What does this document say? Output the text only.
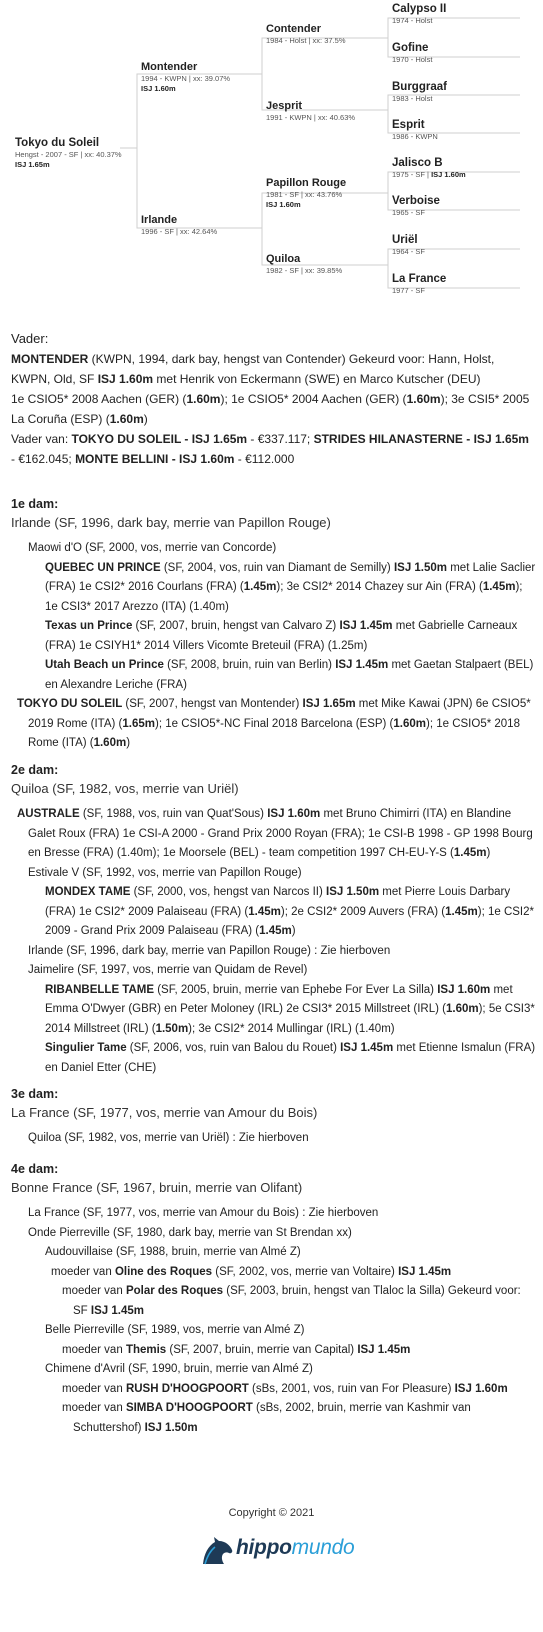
Tokyo du Soleil
Hengst - 2007 - SF | xx: 40.37%
ISJ 1.65m
Montender
1994 - KWPN | xx: 39.07%
ISJ 1.60m
Irlande
1996 - SF | xx: 42.64%
Contender
1984 - Holst | xx: 37.5%
Jesprit
1991 - KWPN | xx: 40.63%
Papillon Rouge
1981 - SF | xx: 43.76%
ISJ 1.60m
Quiloa
1982 - SF | xx: 39.85%
Calypso II
1974 - Holst
Gofine
1970 - Holst
Burggraaf
1983 - Holst
Esprit
1986 - KWPN
Jalisco B
1975 - SF | ISJ 1.60m
Verboise
1965 - SF
Uriël
1964 - SF
La France
1977 - SF

Vader:

MONTENDER (KWPN, 1994, dark bay, hengst van Contender) Gekeurd voor: Hann, Holst, KWPN, Old, SF ISJ 1.60m met Henrik von Eckermann (SWE) en Marco Kutscher (DEU)

1e CSIO5* 2008 Aachen (GER) (1.60m); 1e CSIO5* 2004 Aachen (GER) (1.60m); 3e CSI5* 2005 La Coruña (ESP) (1.60m)

Vader van: TOKYO DU SOLEIL - ISJ 1.65m - €337.117; STRIDES HILANASTERNE - ISJ 1.65m - €162.045; MONTE BELLINI - ISJ 1.60m - €112.000

1e dam:
Irlande (SF, 1996, dark bay, merrie van Papillon Rouge)
Maowi d'O (SF, 2000, vos, merrie van Concorde)
QUEBEC UN PRINCE (SF, 2004, vos, ruin van Diamant de Semilly) ISJ 1.50m met Lalie Saclier (FRA) 1e CSI2* 2016 Courlans (FRA) (1.45m); 3e CSI2* 2014 Chazey sur Ain (FRA) (1.45m); 1e CSI3* 2017 Arezzo (ITA) (1.40m)
Texas un Prince (SF, 2007, bruin, hengst van Calvaro Z) ISJ 1.45m met Gabrielle Carneaux (FRA) 1e CSIYH1* 2014 Villers Vicomte Breteuil (FRA) (1.25m)
Utah Beach un Prince (SF, 2008, bruin, ruin van Berlin) ISJ 1.45m met Gaetan Stalpaert (BEL) en Alexandre Leriche (FRA)
TOKYO DU SOLEIL (SF, 2007, hengst van Montender) ISJ 1.65m met Mike Kawai (JPN) 6e CSIO5* 2019 Rome (ITA) (1.65m); 1e CSIO5*-NC Final 2018 Barcelona (ESP) (1.60m); 1e CSIO5* 2018 Rome (ITA) (1.60m)
2e dam:
Quiloa (SF, 1982, vos, merrie van Uriël)
AUSTRALE (SF, 1988, vos, ruin van Quat'Sous) ISJ 1.60m met Bruno Chimirri (ITA) en Blandine Galet Roux (FRA) 1e CSI-A 2000 - Grand Prix 2000 Royan (FRA); 1e CSI-B 1998 - GP 1998 Bourg en Bresse (FRA) (1.40m); 1e Moorsele (BEL) - team competition 1997 CH-EU-Y-S (1.45m)
Estivale V (SF, 1992, vos, merrie van Papillon Rouge)
MONDEX TAME (SF, 2000, vos, hengst van Narcos II) ISJ 1.50m met Pierre Louis Darbary (FRA) 1e CSI2* 2009 Palaiseau (FRA) (1.45m); 2e CSI2* 2009 Auvers (FRA) (1.45m); 1e CSI2* 2009 - Grand Prix 2009 Palaiseau (FRA) (1.45m)
Irlande (SF, 1996, dark bay, merrie van Papillon Rouge) : Zie hierboven
Jaimelire (SF, 1997, vos, merrie van Quidam de Revel)
RIBANBELLE TAME (SF, 2005, bruin, merrie van Ephebe For Ever La Silla) ISJ 1.60m met Emma O'Dwyer (GBR) en Peter Moloney (IRL) 2e CSI3* 2015 Millstreet (IRL) (1.60m); 5e CSI3* 2014 Millstreet (IRL) (1.50m); 3e CSI2* 2014 Mullingar (IRL) (1.40m)
Singulier Tame (SF, 2006, vos, ruin van Balou du Rouet) ISJ 1.45m met Etienne Ismalun (FRA) en Daniel Etter (CHE)
3e dam:
La France (SF, 1977, vos, merrie van Amour du Bois)
Quiloa (SF, 1982, vos, merrie van Uriël) : Zie hierboven
4e dam:
Bonne France (SF, 1967, bruin, merrie van Olifant)
La France (SF, 1977, vos, merrie van Amour du Bois) : Zie hierboven
Onde Pierreville (SF, 1980, dark bay, merrie van St Brendan xx)
Audouvillaise (SF, 1988, bruin, merrie van Almé Z)
moeder van Oline des Roques (SF, 2002, vos, merrie van Voltaire) ISJ 1.45m
moeder van Polar des Roques (SF, 2003, bruin, hengst van Tlaloc la Silla) Gekeurd voor: SF ISJ 1.45m
Belle Pierreville (SF, 1989, vos, merrie van Almé Z)
moeder van Themis (SF, 2007, bruin, merrie van Capital) ISJ 1.45m
Chimene d'Avril (SF, 1990, bruin, merrie van Almé Z)
moeder van RUSH D'HOOGPOORT (sBs, 2001, vos, ruin van For Pleasure) ISJ 1.60m
moeder van SIMBA D'HOOGPOORT (sBs, 2002, bruin, merrie van Kashmir van Schuttershof) ISJ 1.50m
Copyright © 2021
hippomundo
